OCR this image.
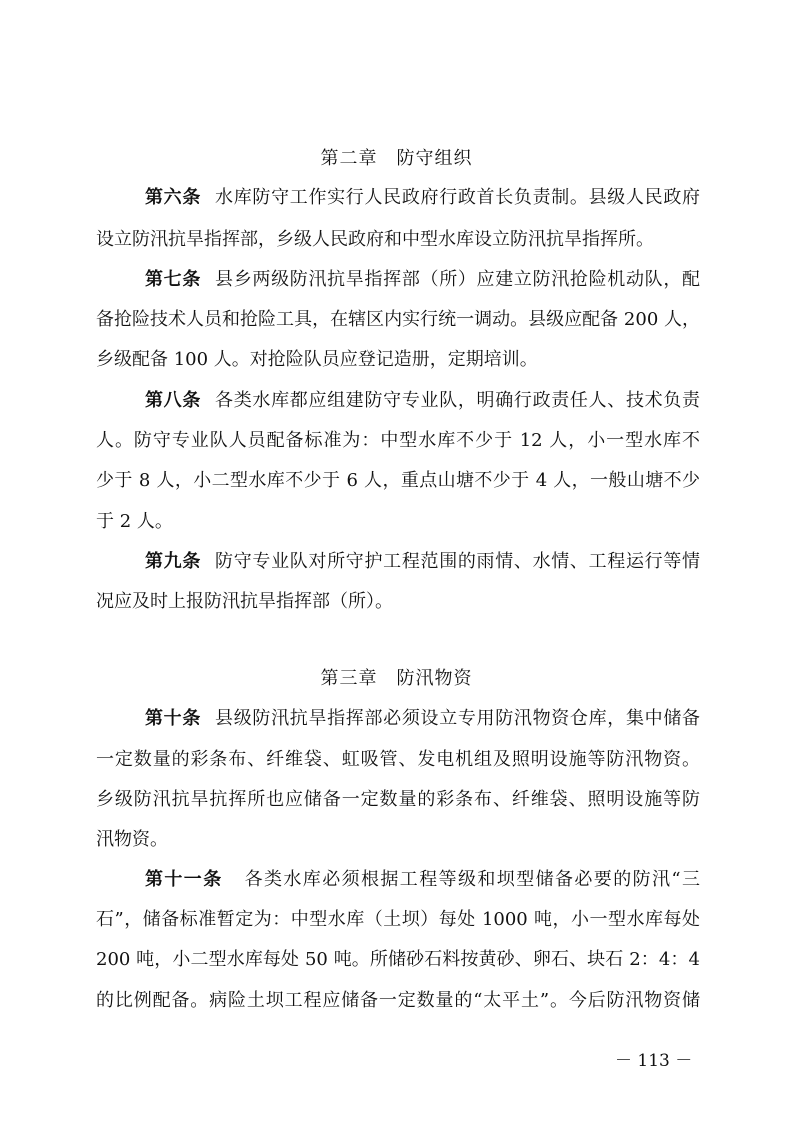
第二章　防守组织
第六条 水库防守工作实行人民政府行政首长负责制。县级人民政府
设立防汛抗旱指挥部，乡级人民政府和中型水库设立防汛抗旱指挥所。
第七条 县乡两级防汛抗旱指挥部（所）应建立防汛抢险机动队，配
备抢险技术人员和抢险工具，在辖区内实行统一调动。县级应配备 200 人，
乡级配备 100 人。对抢险队员应登记造册，定期培训。
第八条 各类水库都应组建防守专业队，明确行政责任人、技术负责
人。防守专业队人员配备标准为：中型水库不少于 12 人，小一型水库不
少于 8 人，小二型水库不少于 6 人，重点山塘不少于 4 人，一般山塘不少
于 2 人。
第九条 防守专业队对所守护工程范围的雨情、水情、工程运行等情
况应及时上报防汛抗旱指挥部（所）。
第三章　防汛物资
第十条 县级防汛抗旱指挥部必须设立专用防汛物资仓库，集中储备
一定数量的彩条布、纤维袋、虹吸管、发电机组及照明设施等防汛物资。
乡级防汛抗旱抗挥所也应储备一定数量的彩条布、纤维袋、照明设施等防
汛物资。
第十一条 各类水库必须根据工程等级和坝型储备必要的防汛“三
石”，储备标准暂定为：中型水库（土坝）每处 1000 吨，小一型水库每处
200 吨，小二型水库每处 50 吨。所储砂石料按黄砂、卵石、块石 2：4：4
的比例配备。病险土坝工程应储备一定数量的“太平土”。今后防汛物资储
－ 113 －
